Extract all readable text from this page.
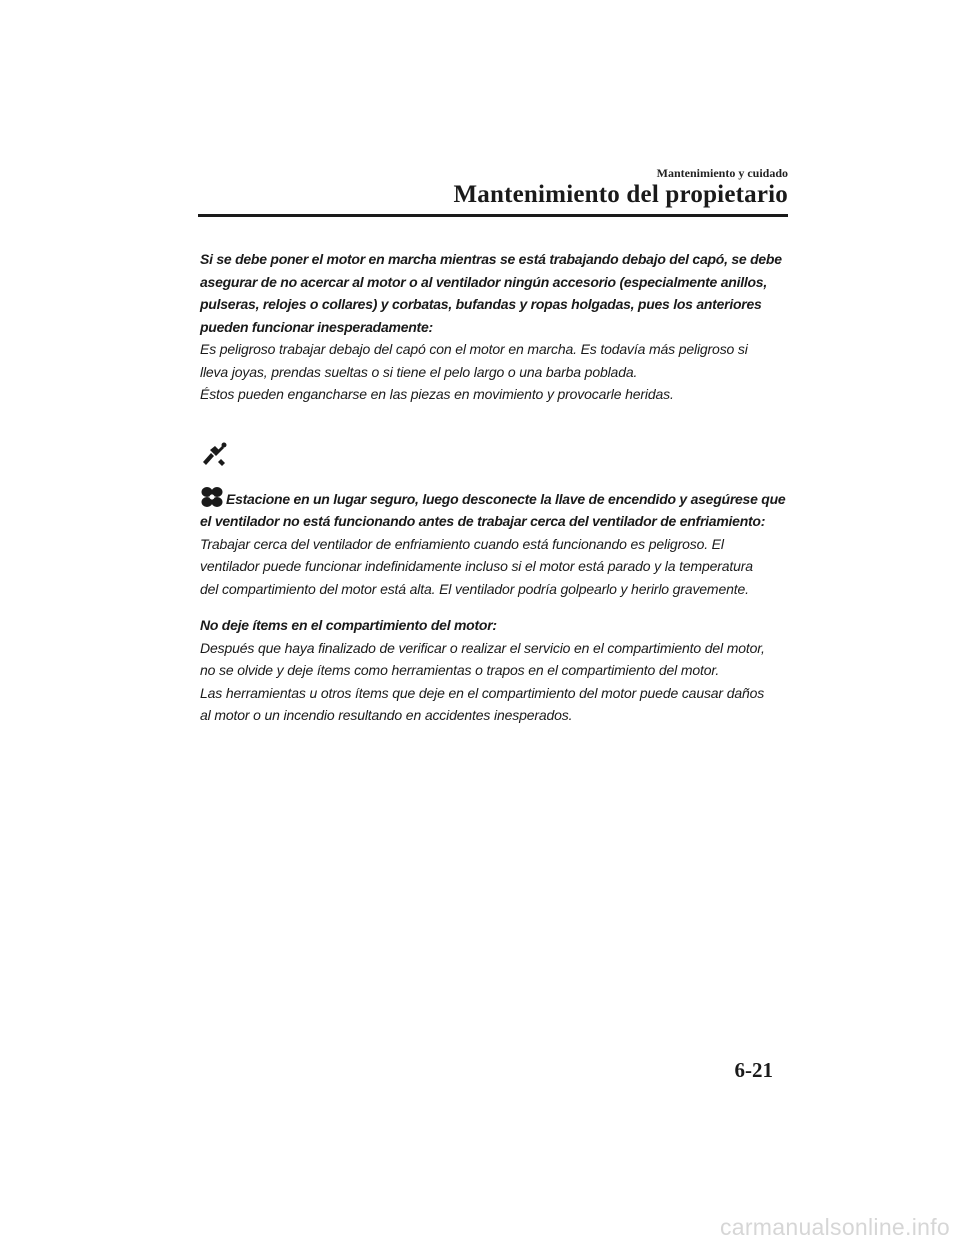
Mantenimiento y cuidado
Mantenimiento del propietario

Si se debe poner el motor en marcha mientras se está trabajando debajo del capó, se debe asegurar de no acercar al motor o al ventilador ningún accesorio (especialmente anillos, pulseras, relojes o collares) y corbatas, bufandas y ropas holgadas, pues los anteriores pueden funcionar inesperadamente:

Es peligroso trabajar debajo del capó con el motor en marcha. Es todavía más peligroso si

lleva joyas, prendas sueltas o si tiene el pelo largo o una barba poblada.

Éstos pueden engancharse en las piezas en movimiento y provocarle heridas.

Estacione en un lugar seguro, luego desconecte la llave de encendido y asegúrese que el ventilador no está funcionando antes de trabajar cerca del ventilador de enfriamiento:

Trabajar cerca del ventilador de enfriamiento cuando está funcionando es peligroso. El

ventilador puede funcionar indefinidamente incluso si el motor está parado y la temperatura

del compartimiento del motor está alta. El ventilador podría golpearlo y herirlo gravemente.

No deje ítems en el compartimiento del motor:

Después que haya finalizado de verificar o realizar el servicio en el compartimiento del motor,

no se olvide y deje ítems como herramientas o trapos en el compartimiento del motor.

Las herramientas u otros ítems que deje en el compartimiento del motor puede causar daños

al motor o un incendio resultando en accidentes inesperados.

6-21
carmanualsonline.info
